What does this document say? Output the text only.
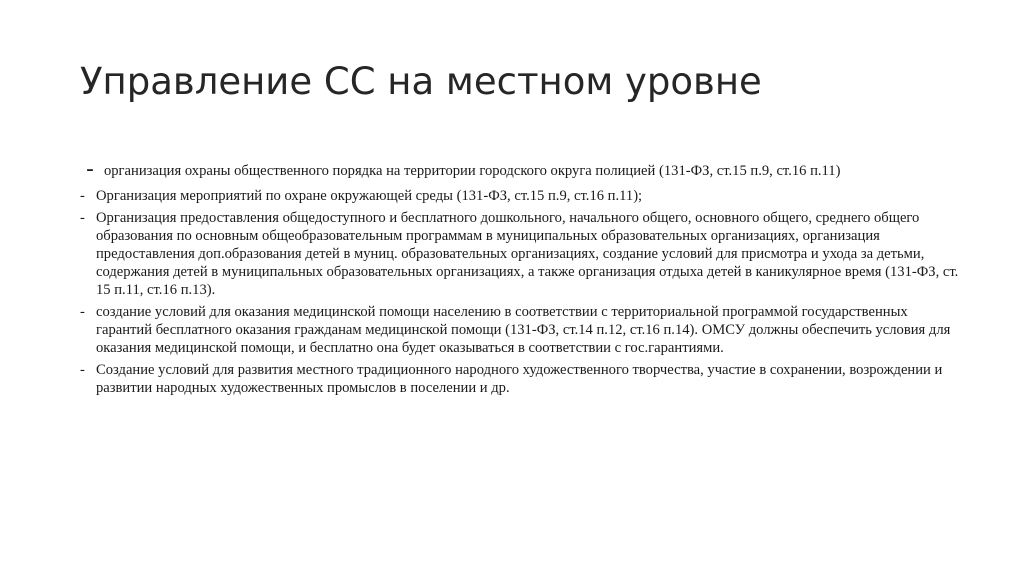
Управление СС на местном уровне

- организация охраны общественного порядка на территории городского округа полицией (131-ФЗ, ст.15 п.9, ст.16 п.11)

- Организация мероприятий по охране окружающей среды (131-ФЗ, ст.15 п.9, ст.16 п.11);
- Организация предоставления общедоступного и бесплатного дошкольного, начального общего, основного общего, среднего общего образования по основным общеобразовательным программам в муниципальных образовательных организациях, организация предоставления доп.образования детей в муниц. образовательных организациях, создание условий для присмотра и ухода за детьми, содержания детей в муниципальных образовательных организациях, а также организация отдыха детей в каникулярное время (131-ФЗ, ст. 15 п.11, ст.16 п.13).
- создание условий для оказания медицинской помощи населению в соответствии с территориальной программой государственных гарантий бесплатного оказания гражданам медицинской помощи (131-ФЗ, ст.14 п.12, ст.16 п.14). ОМСУ должны обеспечить условия для оказания медицинской помощи, и бесплатно она будет оказываться в соответствии с гос.гарантиями.
- Создание условий для развития местного традиционного народного художественного творчества, участие в сохранении, возрождении и развитии народных художественных промыслов в поселении и др.
